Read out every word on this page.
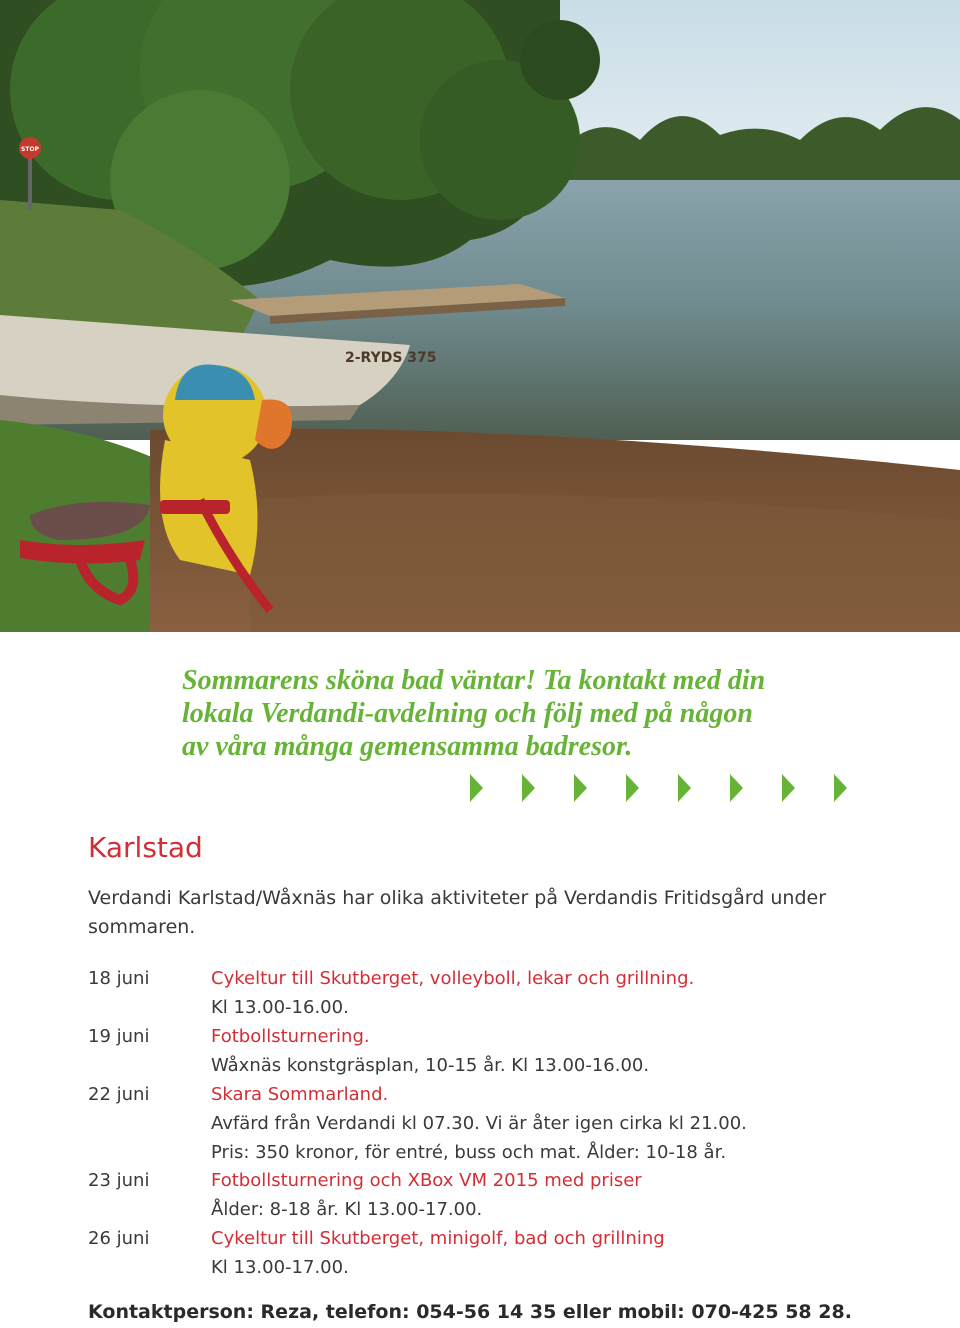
2-RYDS 375
STOP

Sommarens sköna bad väntar! Ta kontakt med din
lokala Verdandi-avdelning och följ med på någon
av våra många gemensamma badresor.

Karlstad

Verdandi Karlstad/Wåxnäs har olika aktiviteter på Verdandis Fritidsgård under sommaren.

18 juni	Cykeltur till Skutberget, volleyboll, lekar och grillning.
Kl 13.00-16.00.
19 juni	Fotbollsturnering.
Wåxnäs konstgräsplan, 10-15 år. Kl 13.00-16.00.
22 juni	Skara Sommarland.
Avfärd från Verdandi kl 07.30. Vi är åter igen cirka kl 21.00.
Pris: 350 kronor, för entré, buss och mat. Ålder: 10-18 år.
23 juni	Fotbollsturnering och XBox VM 2015 med priser
Ålder: 8-18 år. Kl 13.00-17.00.
26 juni	Cykeltur till Skutberget, minigolf, bad och grillning
Kl 13.00-17.00.

Kontaktperson: Reza, telefon: 054-56 14 35 eller mobil: 070-425 58 28.
